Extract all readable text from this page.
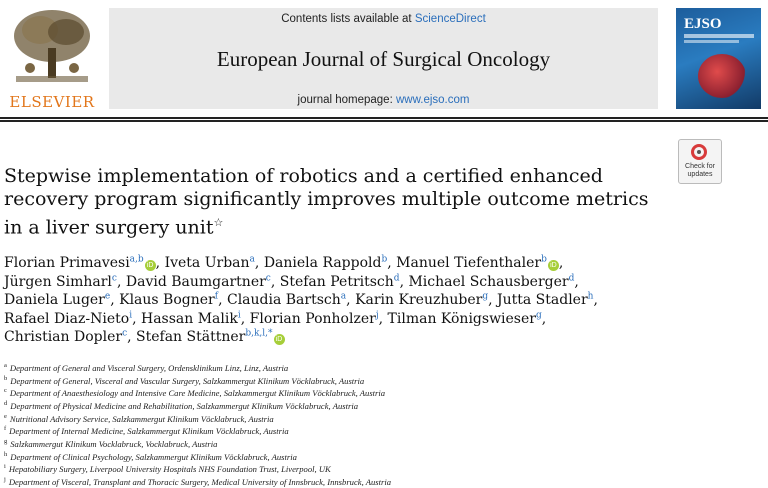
ELSEVIER
Contents lists available at ScienceDirect
European Journal of Surgical Oncology
journal homepage: www.ejso.com
EJSO
Check for updates
Stepwise implementation of robotics and a certified enhanced recovery program significantly improves multiple outcome metrics in a liver surgery unit☆
Florian Primavesi$^{a,b}$iD , Iveta Urban$^a$, Daniela Rappold$^b$, Manuel Tiefenthaler$^b$iD ,
Jürgen Simharl$^c$, David Baumgartner$^c$, Stefan Petritsch$^d$, Michael Schausberger$^d$,
Daniela Luger$^e$, Klaus Bogner$^f$, Claudia Bartsch$^a$, Karin Kreuzhuber$^g$, Jutta Stadler$^h$,
Rafael Diaz-Nieto$^i$, Hassan Malik$^i$, Florian Ponholzer$^j$, Tilman Königswieser$^g$,
Christian Dopler$^c$, Stefan Stättner$^{b,k,l,*}$iD
$^a$ Department of General and Visceral Surgery, Ordensklinikum Linz, Linz, Austria
$^b$ Department of General, Visceral and Vascular Surgery, Salzkammergut Klinikum Vöcklabruck, Austria
$^c$ Department of Anaesthesiology and Intensive Care Medicine, Salzkammergut Klinikum Vöcklabruck, Austria
$^d$ Department of Physical Medicine and Rehabilitation, Salzkammergut Klinikum Vöcklabruck, Austria
$^e$ Nutritional Advisory Service, Salzkammergut Klinikum Vöcklabruck, Austria
$^f$ Department of Internal Medicine, Salzkammergut Klinikum Vöcklabruck, Austria
$^g$ Salzkammergut Klinikum Vocklabruck, Vocklabruck, Austria
$^h$ Department of Clinical Psychology, Salzkammergut Klinikum Vöcklabruck, Austria
$^i$ Hepatobiliary Surgery, Liverpool University Hospitals NHS Foundation Trust, Liverpool, UK
$^j$ Department of Visceral, Transplant and Thoracic Surgery, Medical University of Innsbruck, Innsbruck, Austria
